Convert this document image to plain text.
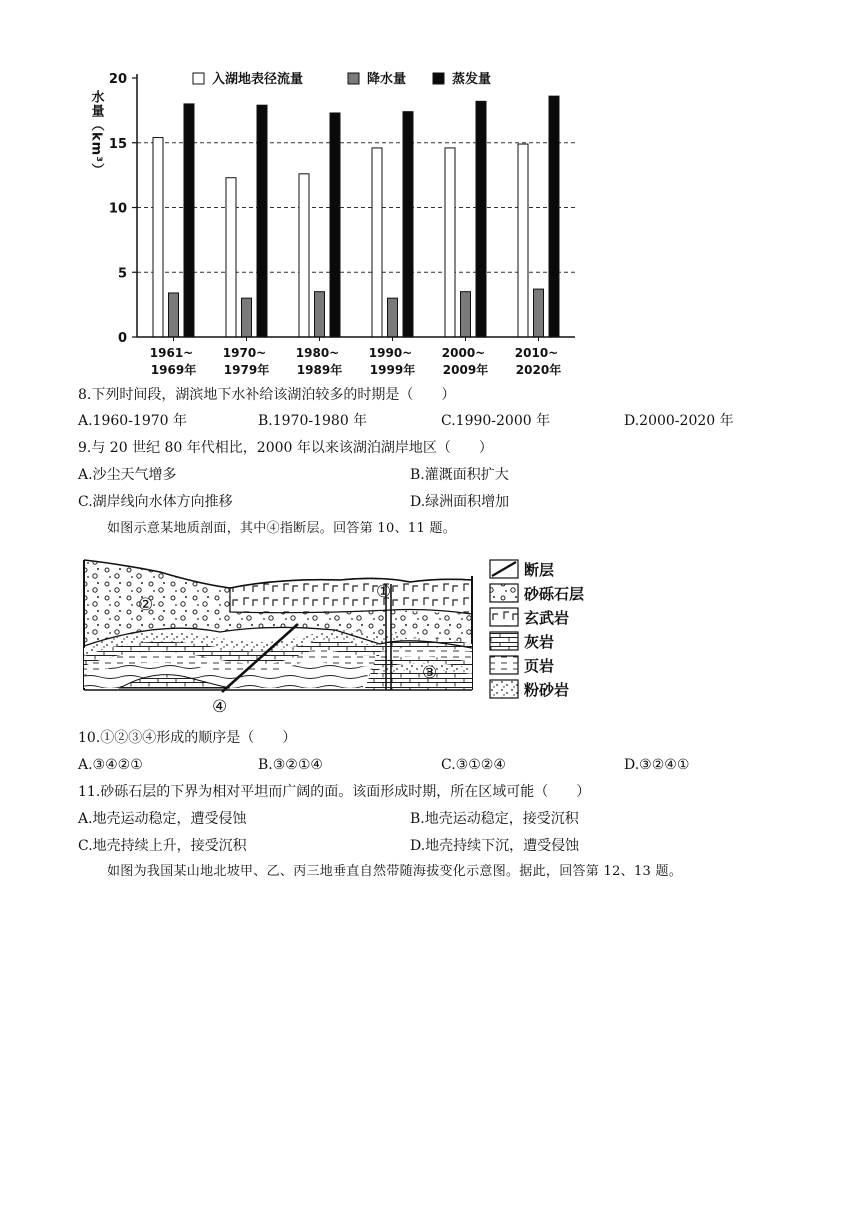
0
5
10
15
20
1961~
1969年
1970~
1979年
1980~
1989年
1990~
1999年
2000~
2009年
2010~
2020年
入湖地表径流量	降水量	蒸发量
水量（km³）
8.下列时间段，湖滨地下水补给该湖泊较多的时期是（　　）
A.1960-1970 年	B.1970-1980 年	C.1990-2000 年	D.2000-2020 年
9.与 20 世纪 80 年代相比，2000 年以来该湖泊湖岸地区（　　）
A.沙尘天气增多	B.灌溉面积扩大
C.湖岸线向水体方向推移	D.绿洲面积增加
如图示意某地质剖面，其中④指断层。回答第 10、11 题。
②
①
③
④
断层
砂砾石层
玄武岩
灰岩
页岩
粉砂岩
10.①②③④形成的顺序是（　　）
A.③④②①	B.③②①④	C.③①②④	D.③②④①
11.砂砾石层的下界为相对平坦而广阔的面。该面形成时期，所在区域可能（　　）
A.地壳运动稳定，遭受侵蚀	B.地壳运动稳定，接受沉积
C.地壳持续上升，接受沉积	D.地壳持续下沉，遭受侵蚀
如图为我国某山地北坡甲、乙、丙三地垂直自然带随海拔变化示意图。据此，回答第 12、13 题。
